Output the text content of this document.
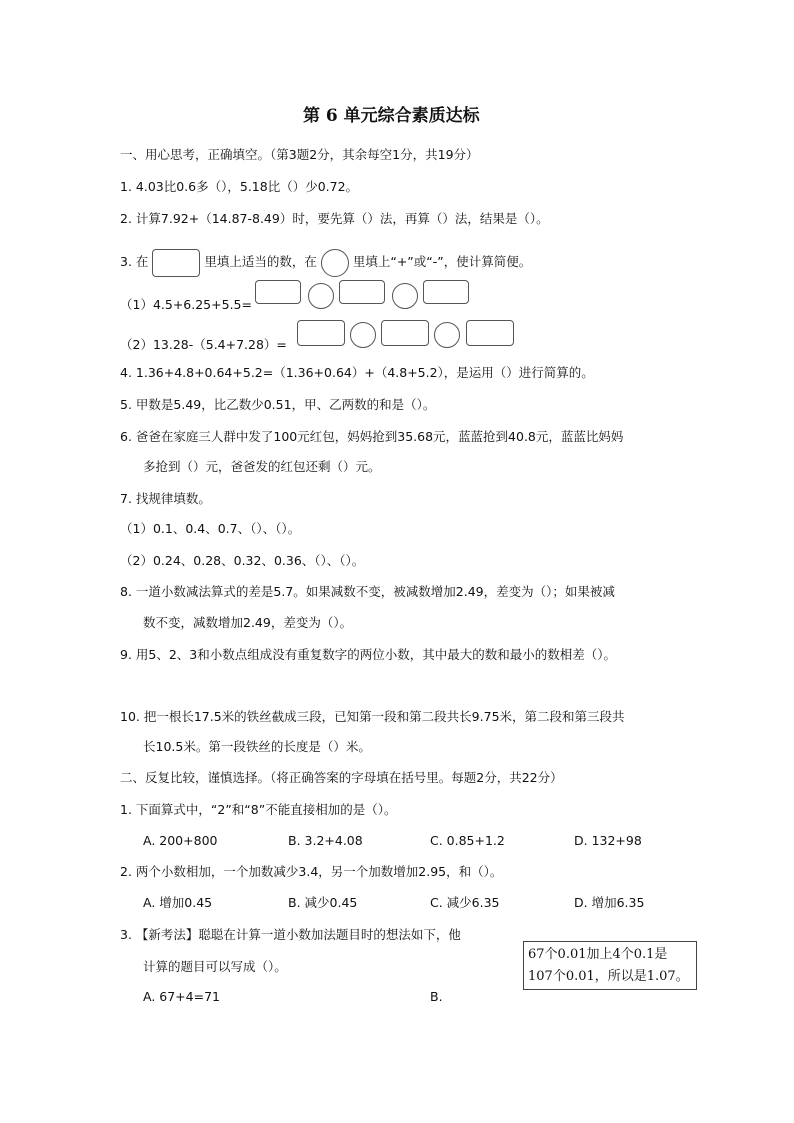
第 6 单元综合素质达标
一、用心思考，正确填空。（第3题2分，其余每空1分，共19分）
1. 4.03比0.6多（），5.18比（）少0.72。
2. 计算7.92+（14.87-8.49）时，要先算（）法，再算（）法，结果是（）。
3. 在	里填上适当的数，在	里填上“+”或“-”，使计算简便。
（1）4.5+6.25+5.5=
（2）13.28-（5.4+7.28）=
4. 1.36+4.8+0.64+5.2=（1.36+0.64）+（4.8+5.2），是运用（）进行简算的。
5. 甲数是5.49，比乙数少0.51，甲、乙两数的和是（）。
6. 爸爸在家庭三人群中发了100元红包，妈妈抢到35.68元，蓝蓝抢到40.8元，蓝蓝比妈妈
多抢到（）元，爸爸发的红包还剩（）元。
7. 找规律填数。
（1）0.1、0.4、0.7、（）、（）。
（2）0.24、0.28、0.32、0.36、（）、（）。
8. 一道小数减法算式的差是5.7。如果减数不变，被减数增加2.49，差变为（）；如果被减
数不变，减数增加2.49，差变为（）。
9. 用5、2、3和小数点组成没有重复数字的两位小数，其中最大的数和最小的数相差（）。
10. 把一根长17.5米的铁丝截成三段，已知第一段和第二段共长9.75米，第二段和第三段共
长10.5米。第一段铁丝的长度是（）米。
二、反复比较，谨慎选择。（将正确答案的字母填在括号里。每题2分，共22分）
1. 下面算式中，“2”和“8”不能直接相加的是（）。
A. 200+800	B. 3.2+4.08	C. 0.85+1.2	D. 132+98
2. 两个小数相加，一个加数减少3.4，另一个加数增加2.95，和（）。
A. 增加0.45	B. 减少0.45	C. 减少6.35	D. 增加6.35
3. 【新考法】聪聪在计算一道小数加法题目时的想法如下，他
计算的题目可以写成（）。
A. 67+4=71	B.
67个0.01加上4个0.1是
107个0.01，所以是1.07。
